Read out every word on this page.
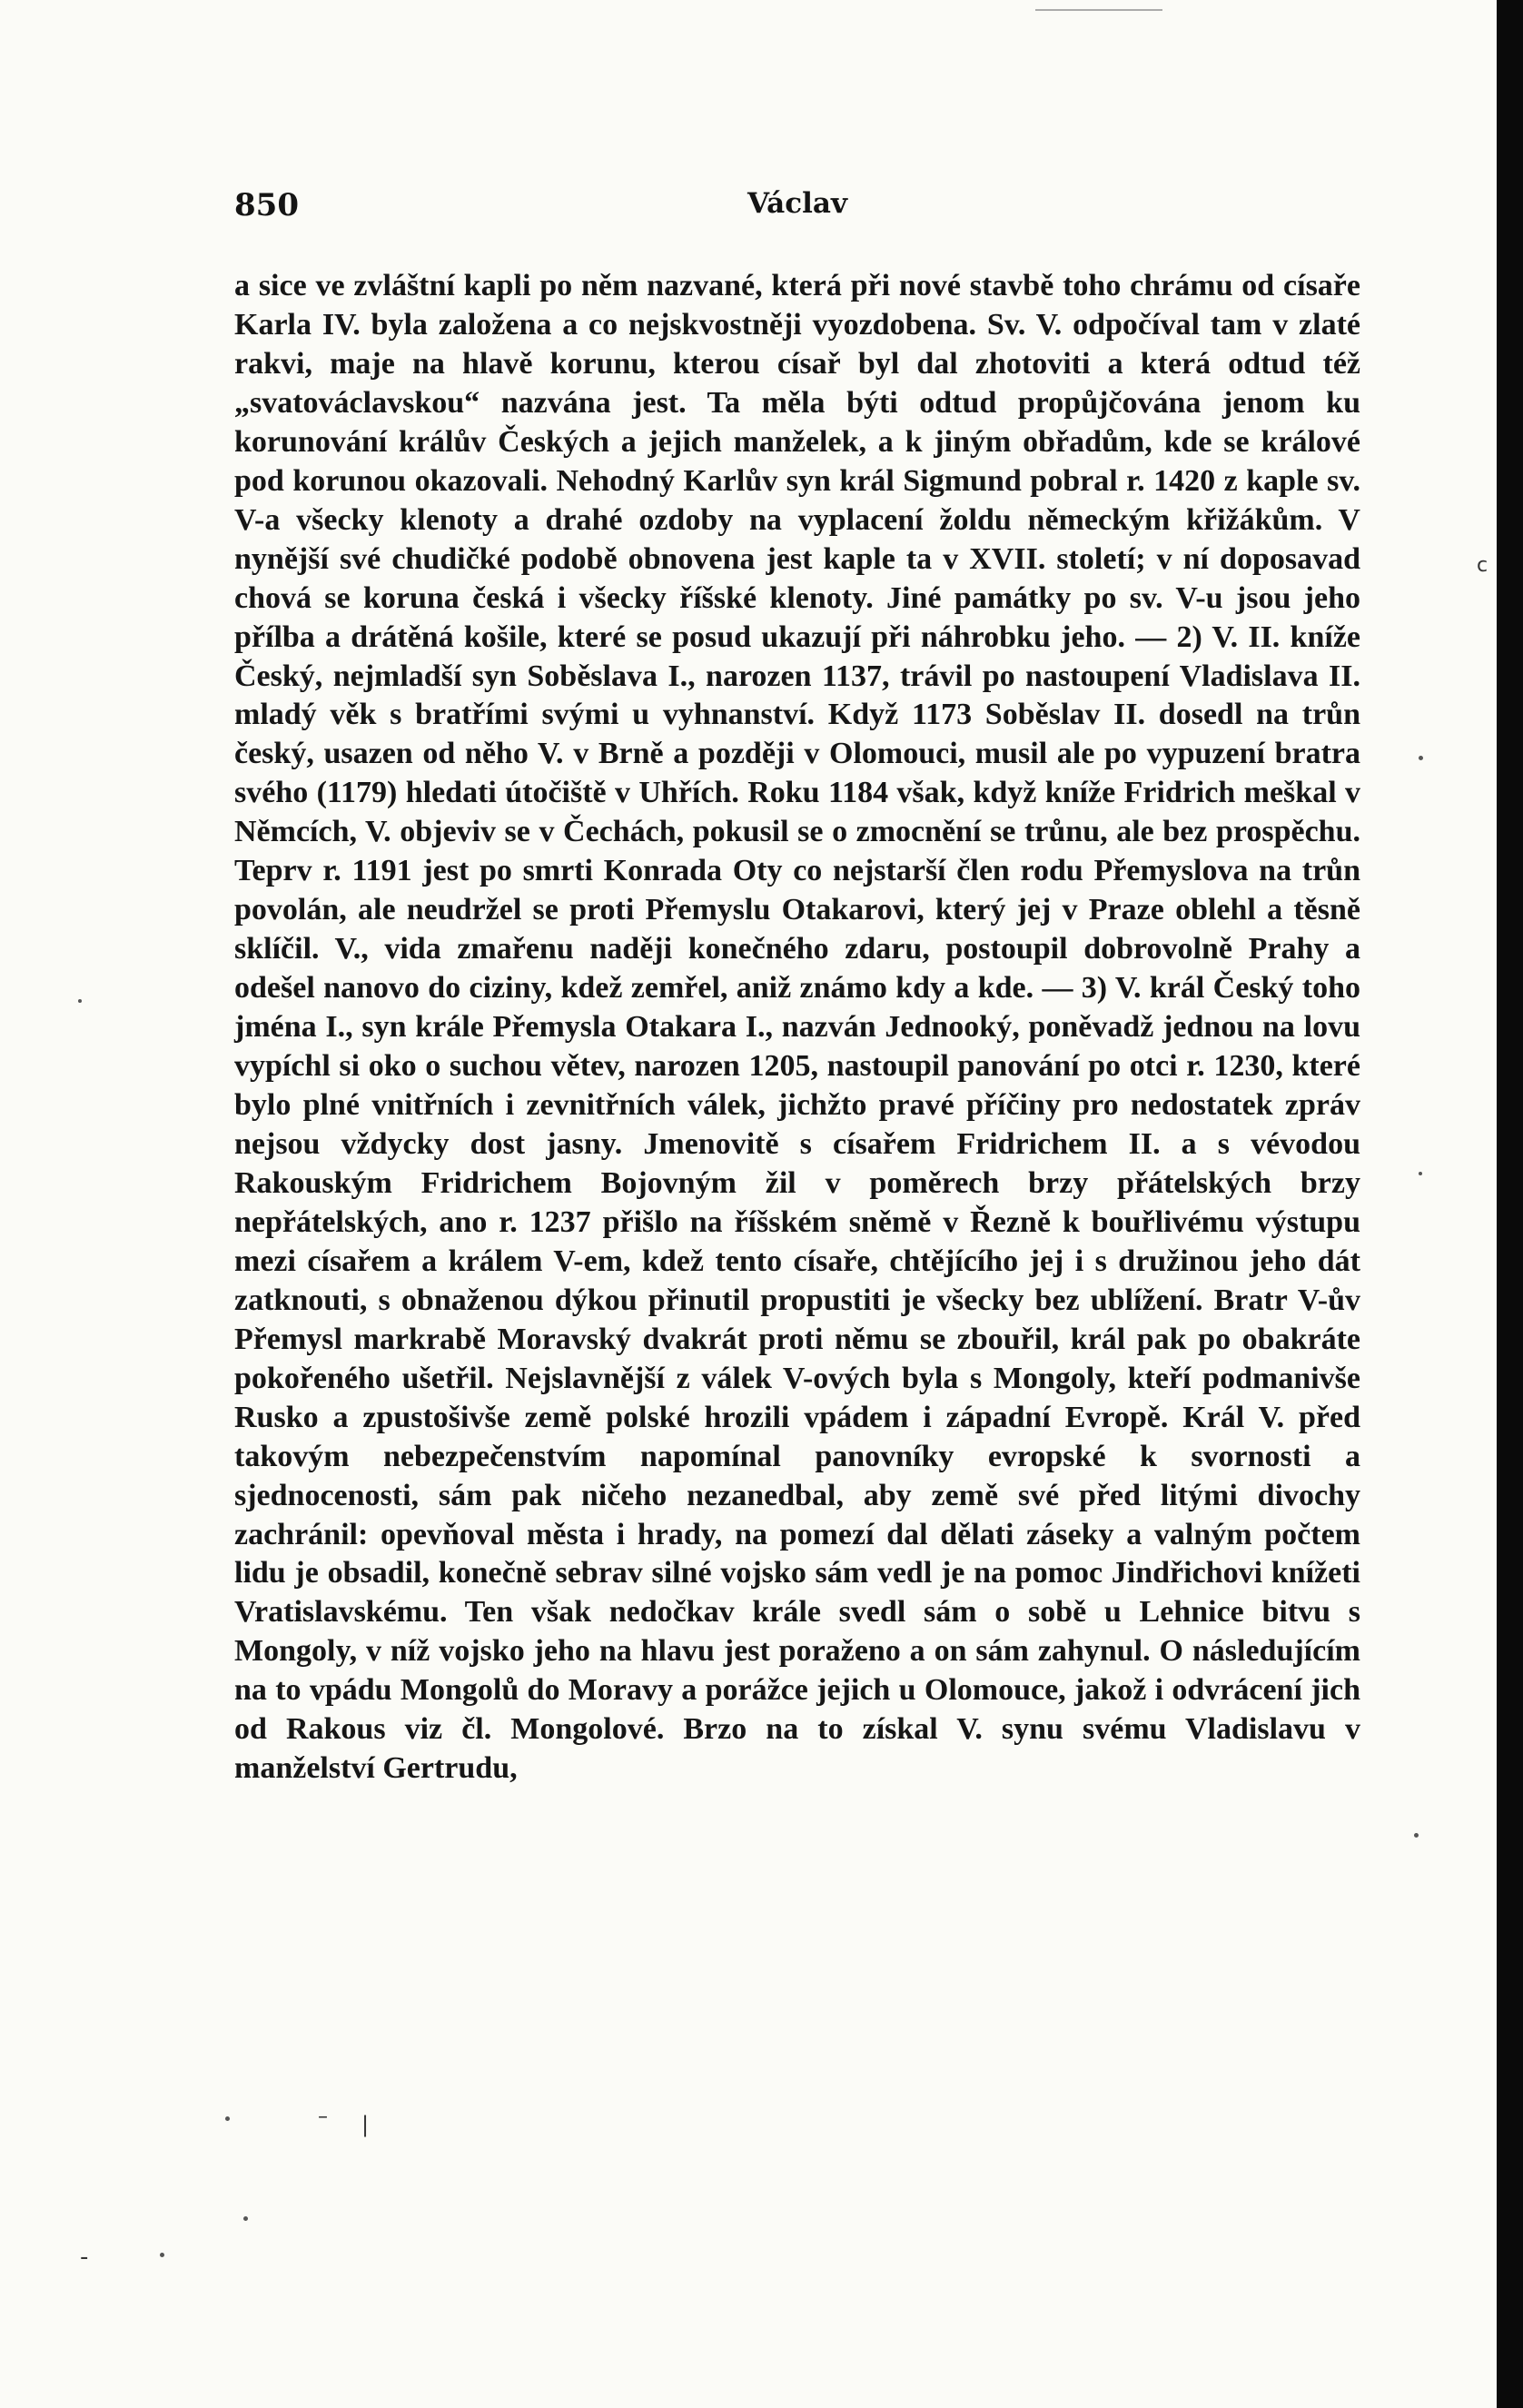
850	Václav

a sice ve zvláštní kapli po něm nazvané, která při nové stavbě toho chrámu od císaře Karla IV. byla založena a co nejskvostněji vyozdobena. Sv. V. odpočíval tam v zlaté rakvi, maje na hlavě korunu, kterou císař byl dal zhotoviti a která odtud též „svatováclavskou“ nazvána jest. Ta měla býti odtud propůjčována jenom ku korunování králův Českých a jejich manželek, a k jiným obřadům, kde se králové pod korunou okazovali. Nehodný Karlův syn král Sigmund pobral r. 1420 z kaple sv. V-a všecky klenoty a drahé ozdoby na vyplacení žoldu německým křižákům. V nynější své chudičké podobě obnovena jest kaple ta v XVII. století; v ní doposavad chová se koruna česká i všecky říšské klenoty. Jiné památky po sv. V-u jsou jeho přílba a drátěná košile, které se posud ukazují při náhrobku jeho. — 2) V. II. kníže Český, nejmladší syn Soběslava I., narozen 1137, trávil po nastoupení Vladislava II. mladý věk s bratřími svými u vyhnanství. Když 1173 Soběslav II. dosedl na trůn český, usazen od něho V. v Brně a později v Olomouci, musil ale po vypuzení bratra svého (1179) hledati útočiště v Uhřích. Roku 1184 však, když kníže Fridrich meškal v Němcích, V. objeviv se v Čechách, pokusil se o zmocnění se trůnu, ale bez prospěchu. Teprv r. 1191 jest po smrti Konrada Oty co nejstarší člen rodu Přemyslova na trůn povolán, ale neudržel se proti Přemyslu Otakarovi, který jej v Praze oblehl a těsně sklíčil. V., vida zmařenu naději konečného zdaru, postoupil dobrovolně Prahy a odešel nanovo do ciziny, kdež zemřel, aniž známo kdy a kde. — 3) V. král Český toho jména I., syn krále Přemysla Otakara I., nazván Jednooký, poněvadž jednou na lovu vypíchl si oko o suchou větev, narozen 1205, nastoupil panování po otci r. 1230, které bylo plné vnitřních i zevnitřních válek, jichžto pravé příčiny pro nedostatek zpráv nejsou vždycky dost jasny. Jmenovitě s císařem Fridrichem II. a s vévodou Rakouským Fridrichem Bojovným žil v poměrech brzy přátelských brzy nepřátelských, ano r. 1237 přišlo na říšském sněmě v Řezně k bouřlivému výstupu mezi císařem a králem V-em, kdež tento císaře, chtějícího jej i s družinou jeho dát zatknouti, s obnaženou dýkou přinutil propustiti je všecky bez ublížení. Bratr V-ův Přemysl markrabě Moravský dvakrát proti němu se zbouřil, král pak po obakráte pokořeného ušetřil. Nejslavnější z válek V-ových byla s Mongoly, kteří podmanivše Rusko a zpustošivše země polské hrozili vpádem i západní Evropě. Král V. před takovým nebezpečenstvím napomínal panovníky evropské k svornosti a sjednocenosti, sám pak ničeho nezanedbal, aby země své před litými divochy zachránil: opevňoval města i hrady, na pomezí dal dělati záseky a valným počtem lidu je obsadil, konečně sebrav silné vojsko sám vedl je na pomoc Jindřichovi knížeti Vratislavskému. Ten však nedočkav krále svedl sám o sobě u Lehnice bitvu s Mongoly, v níž vojsko jeho na hlavu jest poraženo a on sám zahynul. O následujícím na to vpádu Mongolů do Moravy a porážce jejich u Olomouce, jakož i odvrácení jich od Rakous viz čl. Mongolové. Brzo na to získal V. synu svému Vladislavu v manželství Gertrudu,

c
– |
-
